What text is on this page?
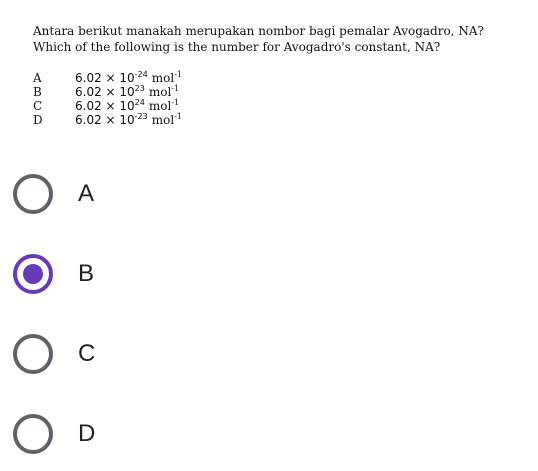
Antara berikut manakah merupakan nombor bagi pemalar Avogadro, NA?

Which of the following is the number for Avogadro's constant, NA?

A	$6.02 \times 10^{-24}$ mol$^{-1}$
B	$6.02 \times 10^{23}$ mol$^{-1}$
C	$6.02 \times 10^{24}$ mol$^{-1}$
D	$6.02 \times 10^{-23}$ mol$^{-1}$
A
B
C
D
